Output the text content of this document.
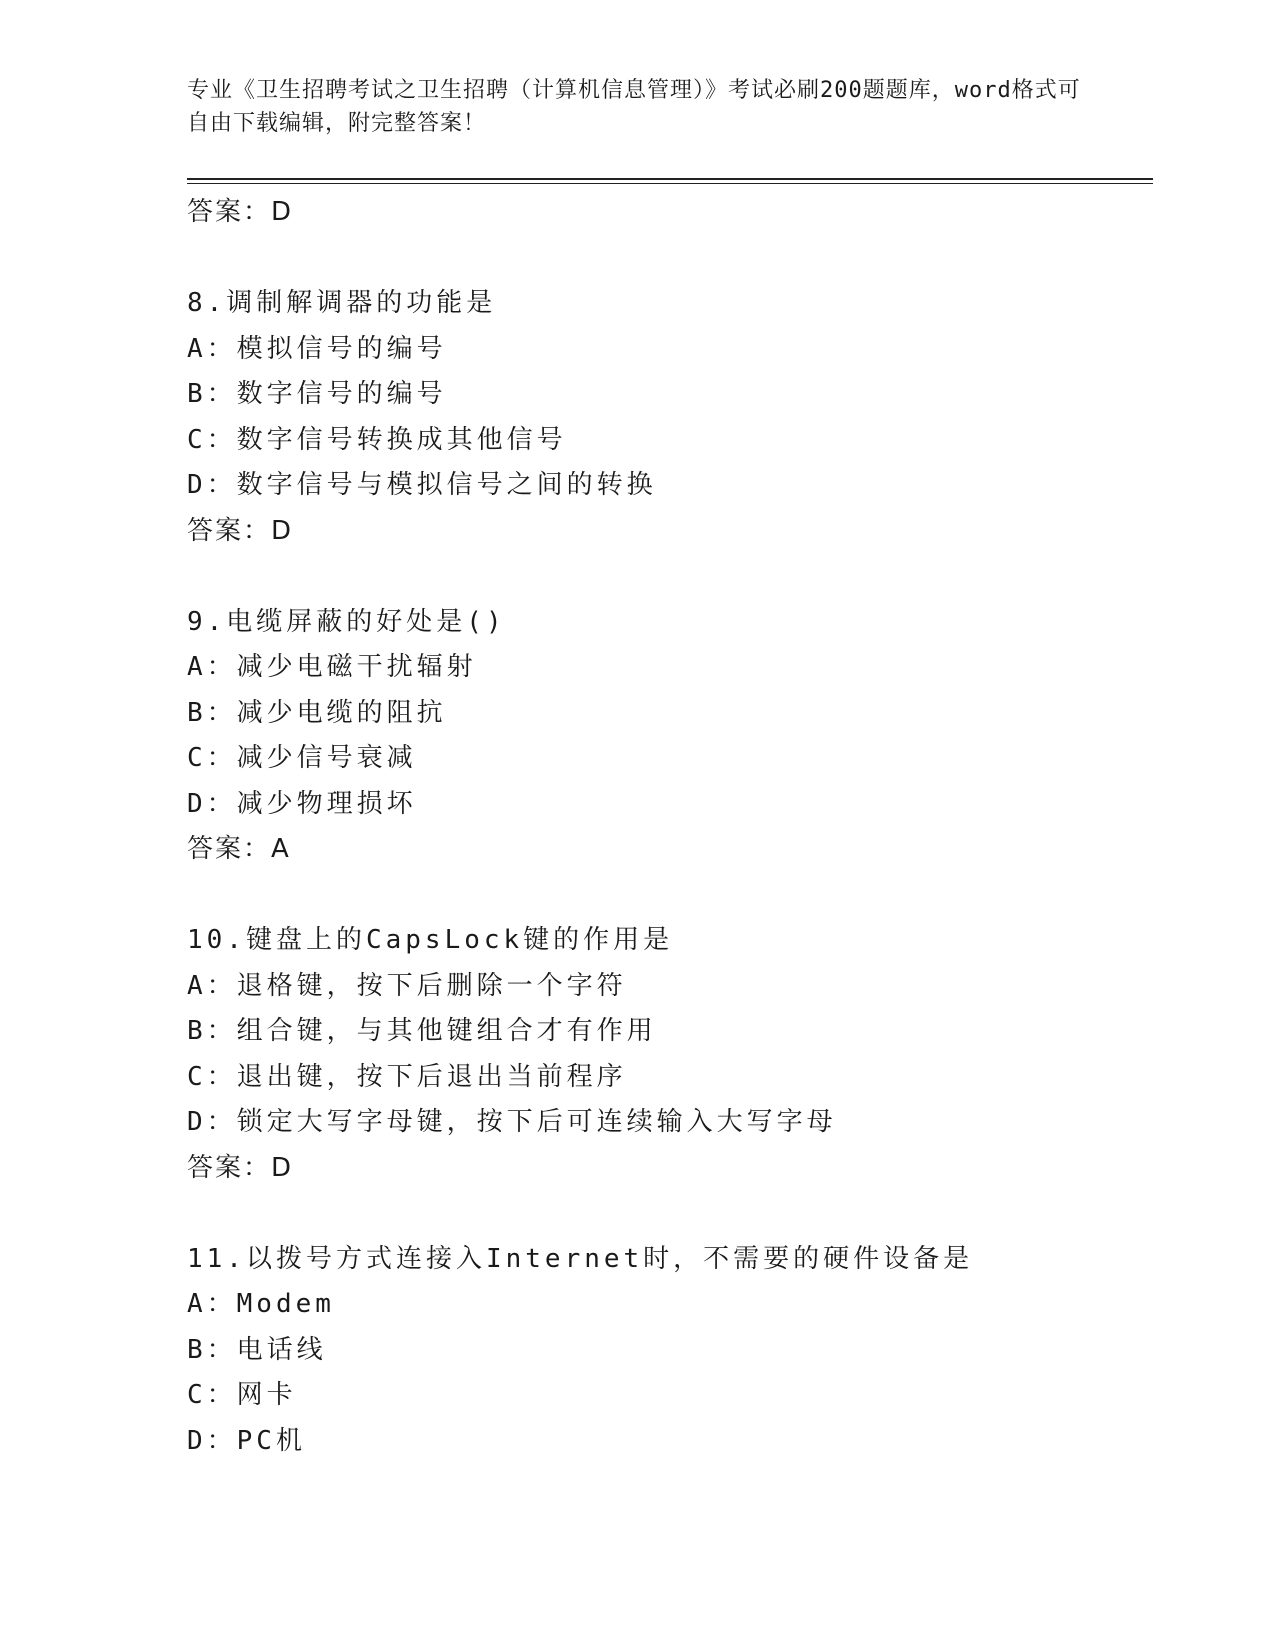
专业《卫生招聘考试之卫生招聘（计算机信息管理）》考试必刷200题题库，word格式可自由下载编辑，附完整答案！
答案：D
8.调制解调器的功能是
A：模拟信号的编号
B：数字信号的编号
C：数字信号转换成其他信号
D：数字信号与模拟信号之间的转换
答案：D
9.电缆屏蔽的好处是()
A：减少电磁干扰辐射
B：减少电缆的阻抗
C：减少信号衰减
D：减少物理损坏
答案：A
10.键盘上的CapsLock键的作用是
A：退格键，按下后删除一个字符
B：组合键，与其他键组合才有作用
C：退出键，按下后退出当前程序
D：锁定大写字母键，按下后可连续输入大写字母
答案：D
11.以拨号方式连接入Internet时，不需要的硬件设备是
A：Modem
B：电话线
C：网卡
D：PC机
